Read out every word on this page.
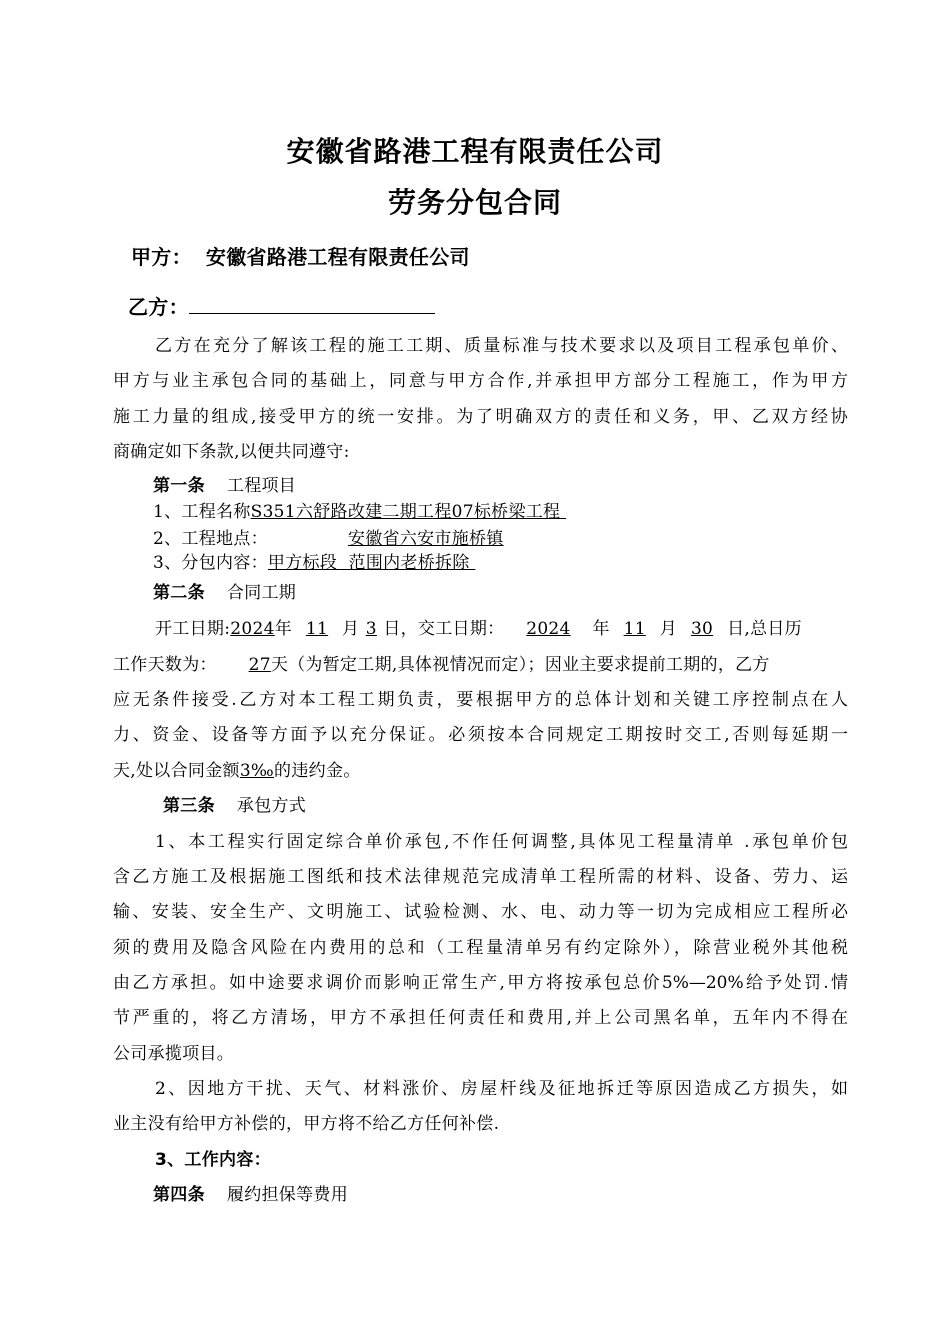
安徽省路港工程有限责任公司
劳务分包合同
甲方： 安徽省路港工程有限责任公司
乙方：
乙方在充分了解该工程的施工工期、质量标准与技术要求以及项目工程承包单价、
甲方与业主承包合同的基础上，同意与甲方合作,并承担甲方部分工程施工，作为甲方
施工力量的组成,接受甲方的统一安排。为了明确双方的责任和义务，甲、乙双方经协
商确定如下条款,以便共同遵守:
第一条 工程项目
1、工程名称S351六舒路改建二期工程07标桥梁工程
2、工程地点：	安徽省六安市施桥镇
3、分包内容：甲方标段  范围内老桥拆除
第二条 合同工期
开工日期:2024年 11 月 3 日，交工日期： 2024 年 11 月 30 日,总日历
工作天数为： 27天（为暂定工期,具体视情况而定）；因业主要求提前工期的，乙方
应无条件接受.乙方对本工程工期负责，要根据甲方的总体计划和关键工序控制点在人
力、资金、设备等方面予以充分保证。必须按本合同规定工期按时交工,否则每延期一
天,处以合同金额3‰的违约金。
第三条 承包方式
1、本工程实行固定综合单价承包,不作任何调整,具体见工程量清单 .承包单价包
含乙方施工及根据施工图纸和技术法律规范完成清单工程所需的材料、设备、劳力、运
输、安装、安全生产、文明施工、试验检测、水、电、动力等一切为完成相应工程所必
须的费用及隐含风险在内费用的总和（工程量清单另有约定除外），除营业税外其他税
由乙方承担。如中途要求调价而影响正常生产,甲方将按承包总价5%—20%给予处罚.情
节严重的，将乙方清场，甲方不承担任何责任和费用,并上公司黑名单，五年内不得在
公司承揽项目。
2、因地方干扰、天气、材料涨价、房屋杆线及征地拆迁等原因造成乙方损失，如
业主没有给甲方补偿的，甲方将不给乙方任何补偿.
3、工作内容：
第四条 履约担保等费用
